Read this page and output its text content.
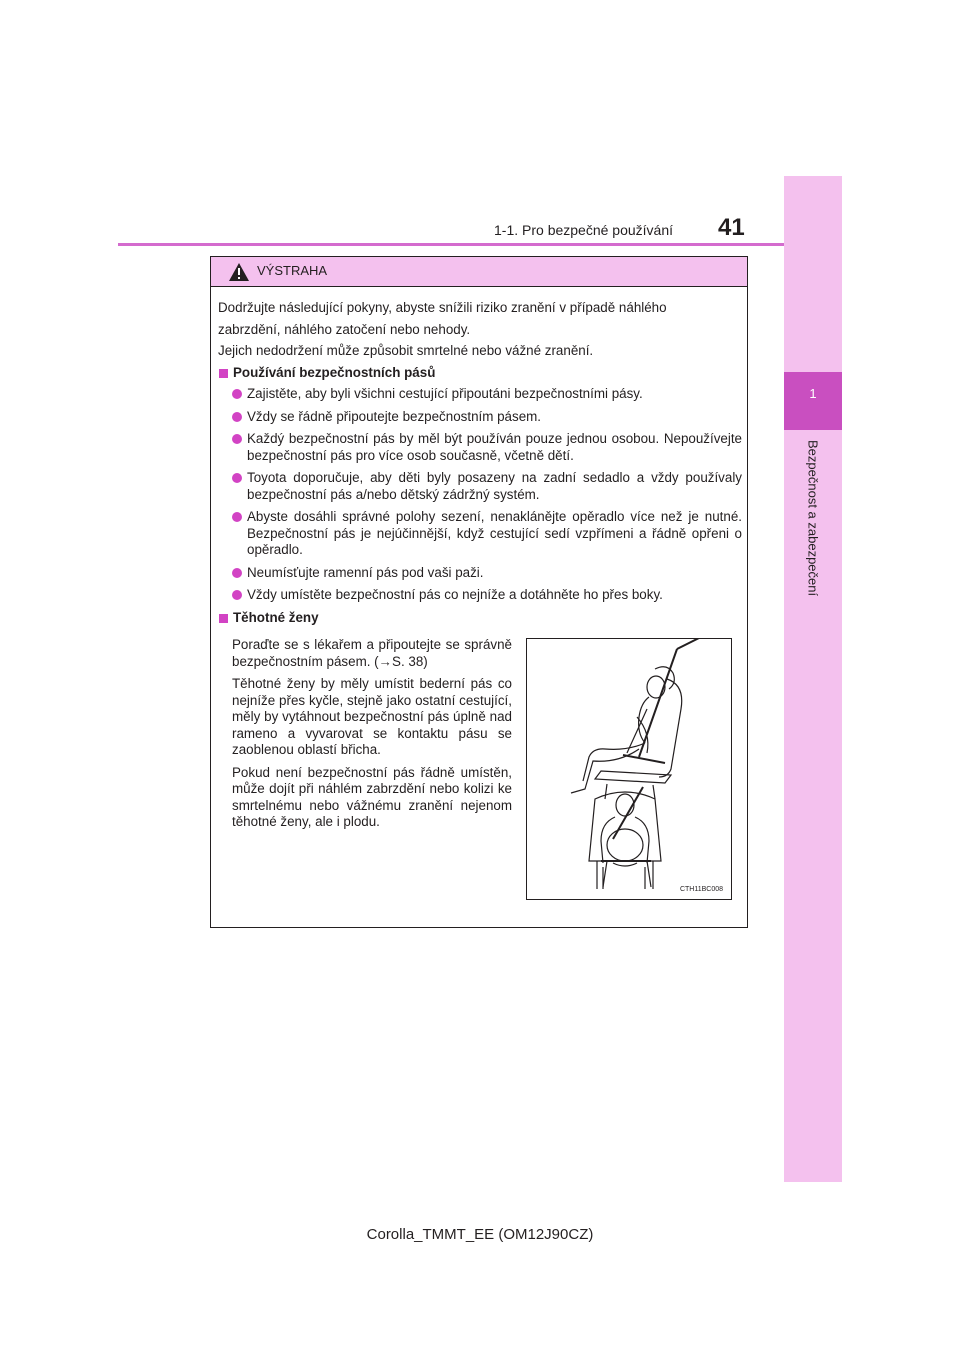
1
Bezpečnost a zabezpečení
1-1. Pro bezpečné používání 41
VÝSTRAHA

Dodržujte následující pokyny, abyste snížili riziko zranění v případě náhlého

zabrzdění, náhlého zatočení nebo nehody.

Jejich nedodržení může způsobit smrtelné nebo vážné zranění.

Používání bezpečnostních pásů
Zajistěte, aby byli všichni cestující připoutáni bezpečnostními pásy.
Vždy se řádně připoutejte bezpečnostním pásem.
Každý bezpečnostní pás by měl být používán pouze jednou osobou. Nepoužívejte bezpečnostní pás pro více osob současně, včetně dětí.
Toyota doporučuje, aby děti byly posazeny na zadní sedadlo a vždy používaly bezpečnostní pás a/nebo dětský zádržný systém.
Abyste dosáhli správné polohy sezení, nenaklánějte opěradlo více než je nutné. Bezpečnostní pás je nejúčinnější, když cestující sedí vzpřímeni a řádně opřeni o opěradlo.
Neumísťujte ramenní pás pod vaši paži.
Vždy umístěte bezpečnostní pás co nejníže a dotáhněte ho přes boky.
Těhotné ženy

Poraďte se s lékařem a připoutejte se správně bezpečnostním pásem. (→S. 38)

Těhotné ženy by měly umístit bederní pás co nejníže přes kyčle, stejně jako ostatní cestující, měly by vytáhnout bezpečnostní pás úplně nad rameno a vyvarovat se kontaktu pásu se zaoblenou oblastí břicha.

Pokud není bezpečnostní pás řádně umístěn, může dojít při náhlém zabrzdění nebo kolizi ke smrtelnému nebo vážnému zranění nejenom těhotné ženy, ale i plodu.

CTH11BC008
Corolla_TMMT_EE (OM12J90CZ)
